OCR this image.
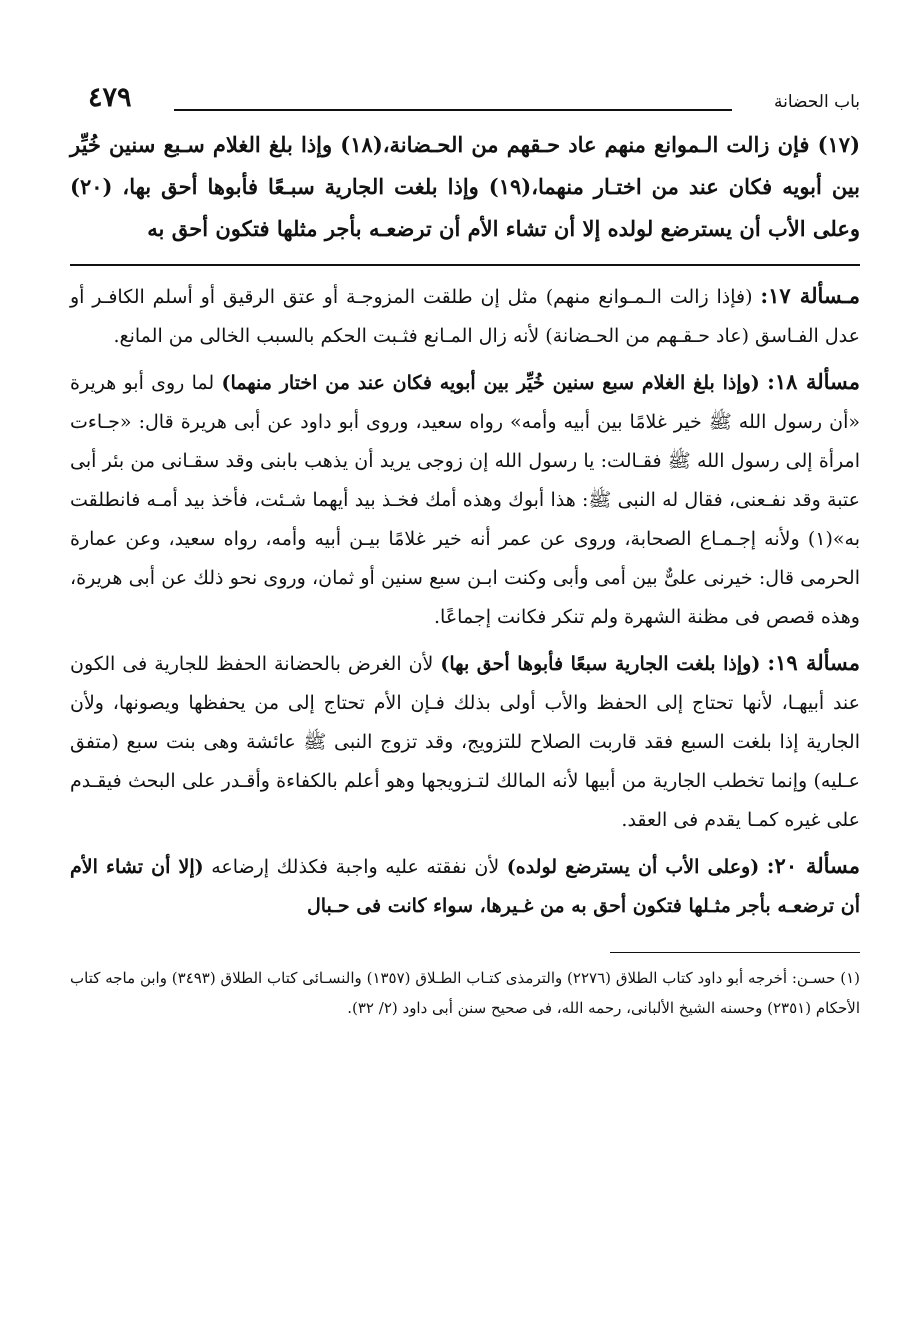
باب الحضانة
٤٧٩
(١٧) فإن زالت الـموانع منهم عاد حـقهم من الحـضانة،(١٨) وإذا بلغ الغلام سـبع سنين خُيِّر بين أبويه فكان عند من اختـار منهما،(١٩) وإذا بلغت الجارية سبـعًا فأبوها أحق بها، (٢٠) وعلى الأب أن يسترضع لولده إلا أن تشاء الأم أن ترضعـه بأجر مثلها فتكون أحق به

مـسألة ١٧: (فإذا زالت الـمـوانع منهم) مثل إن طلقت المزوجـة أو عتق الرقيق أو أسلم الكافـر أو عدل الفـاسق (عاد حـقـهم من الحـضانة) لأنه زال المـانع فثـبت الحكم بالسبب الخالى من المانع.

مسألة ١٨: (وإذا بلغ الغلام سبع سنين خُيِّر بين أبويه فكان عند من اختار منهما) لما روى أبو هريرة «أن رسول الله ﷺ خير غلامًا بين أبيه وأمه» رواه سعيد، وروى أبو داود عن أبى هريرة قال: «جـاءت امرأة إلى رسول الله ﷺ فقـالت: يا رسول الله إن زوجى يريد أن يذهب بابنى وقد سقـانى من بئر أبى عتبة وقد نفـعنى، فقال له النبى ﷺ: هذا أبوك وهذه أمك فخـذ بيد أيهما شـئت، فأخذ بيد أمـه فانطلقت به»(١) ولأنه إجـمـاع الصحابة، وروى عن عمر أنه خير غلامًا بيـن أبيه وأمه، رواه سعيد، وعن عمارة الحرمى قال: خيرنى علىٌّ بين أمى وأبى وكنت ابـن سبع سنين أو ثمان، وروى نحو ذلك عن أبى هريرة، وهذه قصص فى مظنة الشهرة ولم تنكر فكانت إجماعًا.

مسألة ١٩: (وإذا بلغت الجارية سبعًا فأبوها أحق بها) لأن الغرض بالحضانة الحفظ للجارية فى الكون عند أبيهـا، لأنها تحتاج إلى الحفظ والأب أولى بذلك فـإن الأم تحتاج إلى من يحفظها ويصونها، ولأن الجارية إذا بلغت السبع فقد قاربت الصلاح للتزويج، وقد تزوج النبى ﷺ عائشة وهى بنت سبع (متفق عـليه) وإنما تخطب الجارية من أبيها لأنه المالك لتـزويجها وهو أعلم بالكفاءة وأقـدر على البحث فيقـدم على غيره كمـا يقدم فى العقد.

مسألة ٢٠: (وعلى الأب أن يسترضع لولده) لأن نفقته عليه واجبة فكذلك إرضاعه (إلا أن تشاء الأم أن ترضعـه بأجر مثـلها فتكون أحق به من غـيرها، سواء كانت فى حـبال

(١) حسـن: أخرجه أبو داود كتاب الطلاق (٢٢٧٦) والترمذى كتـاب الطـلاق (١٣٥٧) والنسـائى كتاب الطلاق (٣٤٩٣) وابن ماجه كتاب الأحكام (٢٣٥١) وحسنه الشيخ الألبانى، رحمه الله، فى صحيح سنن أبى داود (٢/ ٣٢).
